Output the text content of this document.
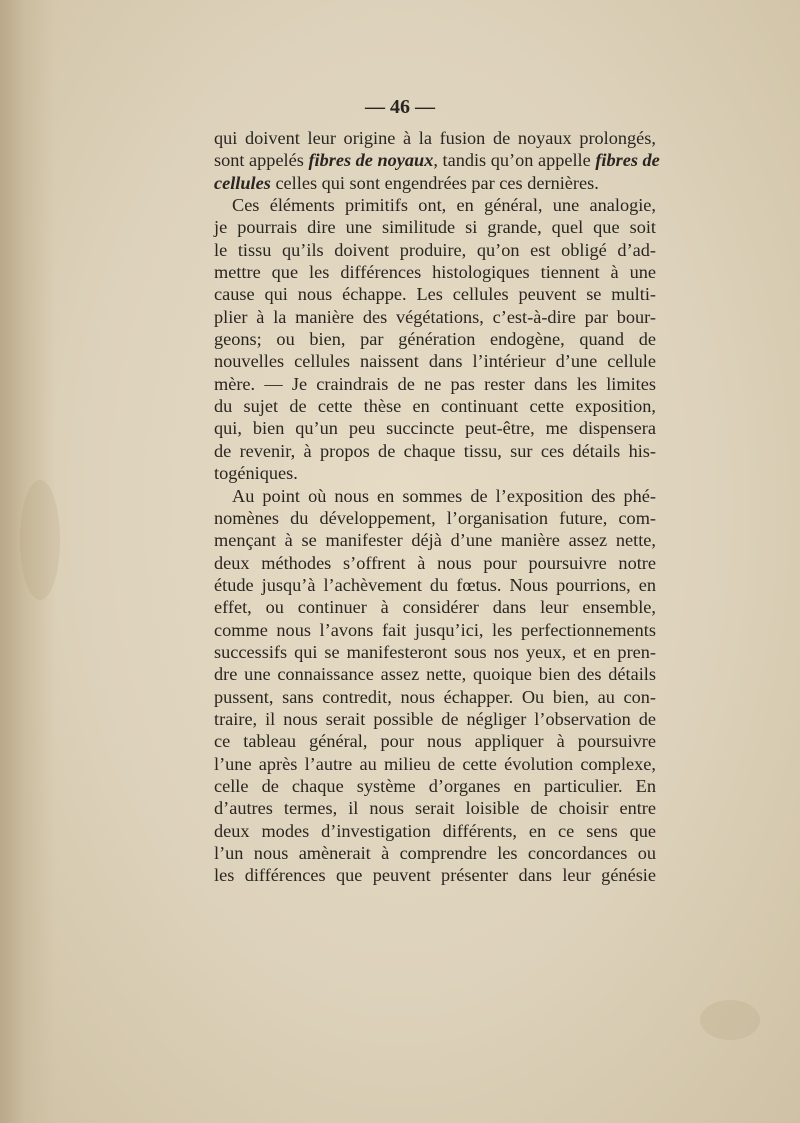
— 46 —
qui doivent leur origine à la fusion de noyaux prolongés,
sont appelés fibres de noyaux, tandis qu’on appelle fibres de
cellules celles qui sont engendrées par ces dernières.
Ces éléments primitifs ont, en général, une analogie,
je pourrais dire une similitude si grande, quel que soit
le tissu qu’ils doivent produire, qu’on est obligé d’ad-
mettre que les différences histologiques tiennent à une
cause qui nous échappe. Les cellules peuvent se multi-
plier à la manière des végétations, c’est-à-dire par bour-
geons; ou bien, par génération endogène, quand de
nouvelles cellules naissent dans l’intérieur d’une cellule
mère. — Je craindrais de ne pas rester dans les limites
du sujet de cette thèse en continuant cette exposition,
qui, bien qu’un peu succincte peut-être, me dispensera
de revenir, à propos de chaque tissu, sur ces détails his-
togéniques.
Au point où nous en sommes de l’exposition des phé-
nomènes du développement, l’organisation future, com-
mençant à se manifester déjà d’une manière assez nette,
deux méthodes s’offrent à nous pour poursuivre notre
étude jusqu’à l’achèvement du fœtus. Nous pourrions, en
effet, ou continuer à considérer dans leur ensemble,
comme nous l’avons fait jusqu’ici, les perfectionnements
successifs qui se manifesteront sous nos yeux, et en pren-
dre une connaissance assez nette, quoique bien des détails
pussent, sans contredit, nous échapper. Ou bien, au con-
traire, il nous serait possible de négliger l’observation de
ce tableau général, pour nous appliquer à poursuivre
l’une après l’autre au milieu de cette évolution complexe,
celle de chaque système d’organes en particulier. En
d’autres termes, il nous serait loisible de choisir entre
deux modes d’investigation différents, en ce sens que
l’un nous amènerait à comprendre les concordances ou
les différences que peuvent présenter dans leur génésie
